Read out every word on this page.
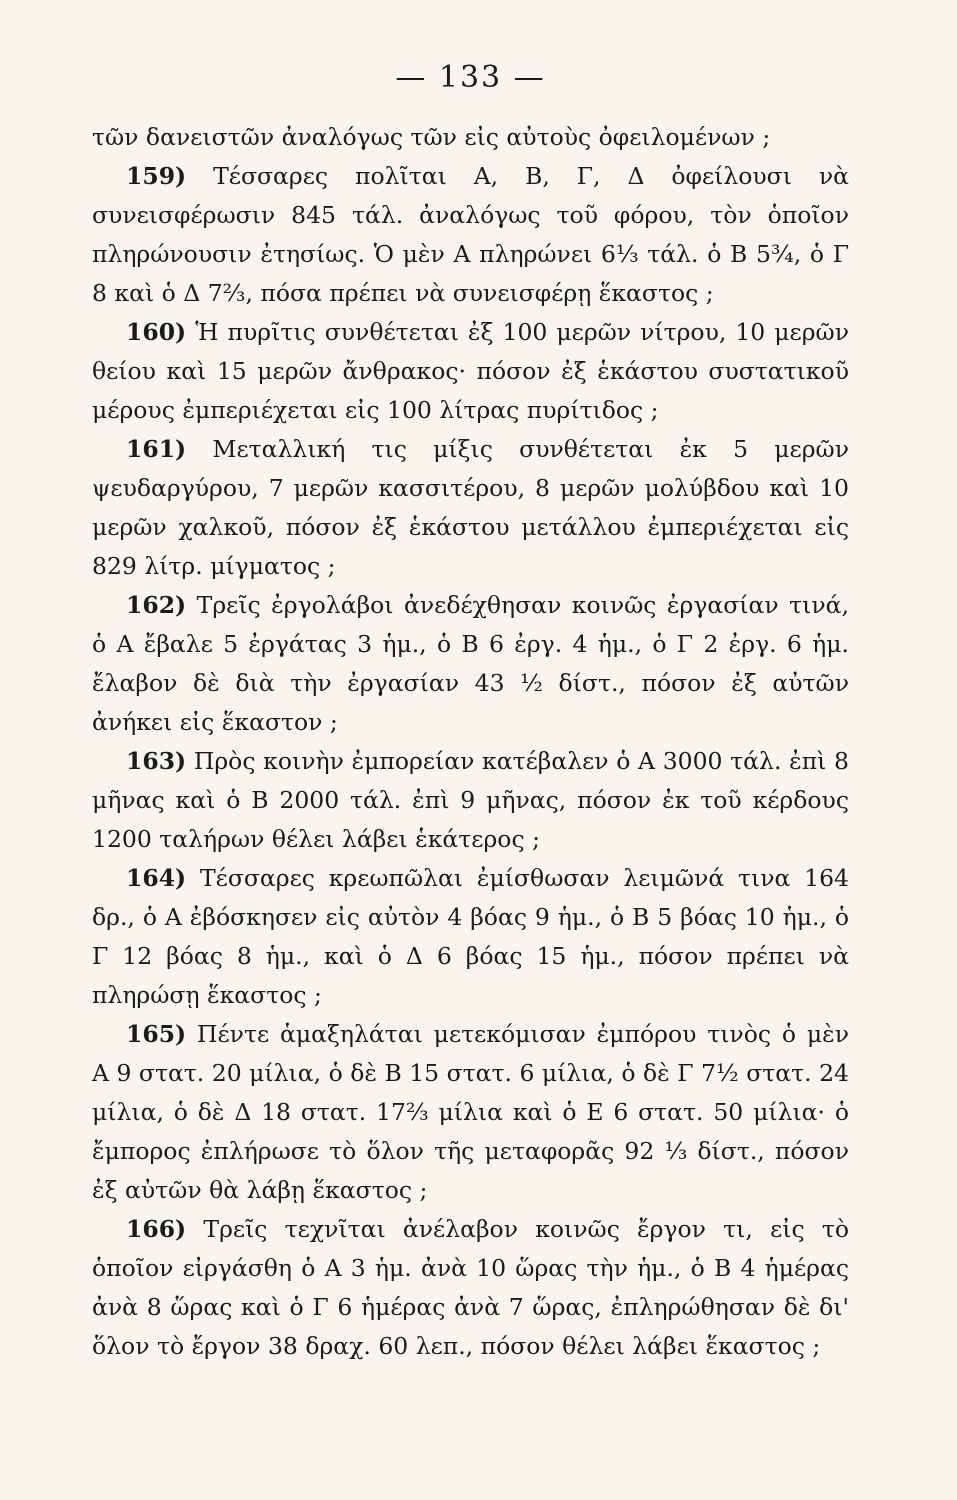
— 133 —

τῶν δανειστῶν ἀναλόγως τῶν εἰς αὐτοὺς ὀφειλομένων ;

159) Τέσσαρες πολῖται Α, Β, Γ, Δ ὀφείλουσι νὰ συνεισφέρωσιν 845 τάλ. ἀναλόγως τοῦ φόρου, τὸν ὁποῖον πληρώνουσιν ἐτησίως. Ὁ μὲν Α πληρώνει 6¹⁄₃ τάλ. ὁ Β 5³⁄₄, ὁ Γ 8 καὶ ὁ Δ 7²⁄₃, πόσα πρέπει νὰ συνεισφέρῃ ἕκαστος ;

160) Ἡ πυρῖτις συνθέτεται ἐξ 100 μερῶν νίτρου, 10 μερῶν θείου καὶ 15 μερῶν ἄνθρακος· πόσον ἐξ ἑκάστου συστατικοῦ μέρους ἐμπεριέχεται εἰς 100 λίτρας πυρίτιδος ;

161) Μεταλλική τις μίξις συνθέτεται ἐκ 5 μερῶν ψευδαργύρου, 7 μερῶν κασσιτέρου, 8 μερῶν μολύβδου καὶ 10 μερῶν χαλκοῦ, πόσον ἐξ ἑκάστου μετάλλου ἐμπεριέχεται εἰς 829 λίτρ. μίγματος ;

162) Τρεῖς ἐργολάβοι ἀνεδέχθησαν κοινῶς ἐργασίαν τινά, ὁ Α ἔβαλε 5 ἐργάτας 3 ἡμ., ὁ Β 6 ἐργ. 4 ἡμ., ὁ Γ 2 ἐργ. 6 ἡμ. ἔλαβον δὲ διὰ τὴν ἐργασίαν 43 ¹⁄₂ δίστ., πόσον ἐξ αὐτῶν ἀνήκει εἰς ἕκαστον ;

163) Πρὸς κοινὴν ἐμπορείαν κατέβαλεν ὁ Α 3000 τάλ. ἐπὶ 8 μῆνας καὶ ὁ Β 2000 τάλ. ἐπὶ 9 μῆνας, πόσον ἐκ τοῦ κέρδους 1200 ταλήρων θέλει λάβει ἑκάτερος ;

164) Τέσσαρες κρεωπῶλαι ἐμίσθωσαν λειμῶνά τινα 164 δρ., ὁ Α ἐβόσκησεν εἰς αὐτὸν 4 βόας 9 ἡμ., ὁ Β 5 βόας 10 ἡμ., ὁ Γ 12 βόας 8 ἡμ., καὶ ὁ Δ 6 βόας 15 ἡμ., πόσον πρέπει νὰ πληρώσῃ ἕκαστος ;

165) Πέντε ἁμαξηλάται μετεκόμισαν ἐμπόρου τινὸς ὁ μὲν Α 9 στατ. 20 μίλια, ὁ δὲ Β 15 στατ. 6 μίλια, ὁ δὲ Γ 7¹⁄₂ στατ. 24 μίλια, ὁ δὲ Δ 18 στατ. 17²⁄₃ μίλια καὶ ὁ Ε 6 στατ. 50 μίλια· ὁ ἔμπορος ἐπλήρωσε τὸ ὅλον τῆς μεταφορᾶς 92 ¹⁄₃ δίστ., πόσον ἐξ αὐτῶν θὰ λάβῃ ἕκαστος ;

166) Τρεῖς τεχνῖται ἀνέλαβον κοινῶς ἔργον τι, εἰς τὸ ὁποῖον εἰργάσθη ὁ Α 3 ἡμ. ἀνὰ 10 ὥρας τὴν ἡμ., ὁ Β 4 ἡμέρας ἀνὰ 8 ὥρας καὶ ὁ Γ 6 ἡμέρας ἀνὰ 7 ὥρας, ἐπληρώθησαν δὲ δι' ὅλον τὸ ἔργον 38 δραχ. 60 λεπ., πόσον θέλει λάβει ἕκαστος ;
